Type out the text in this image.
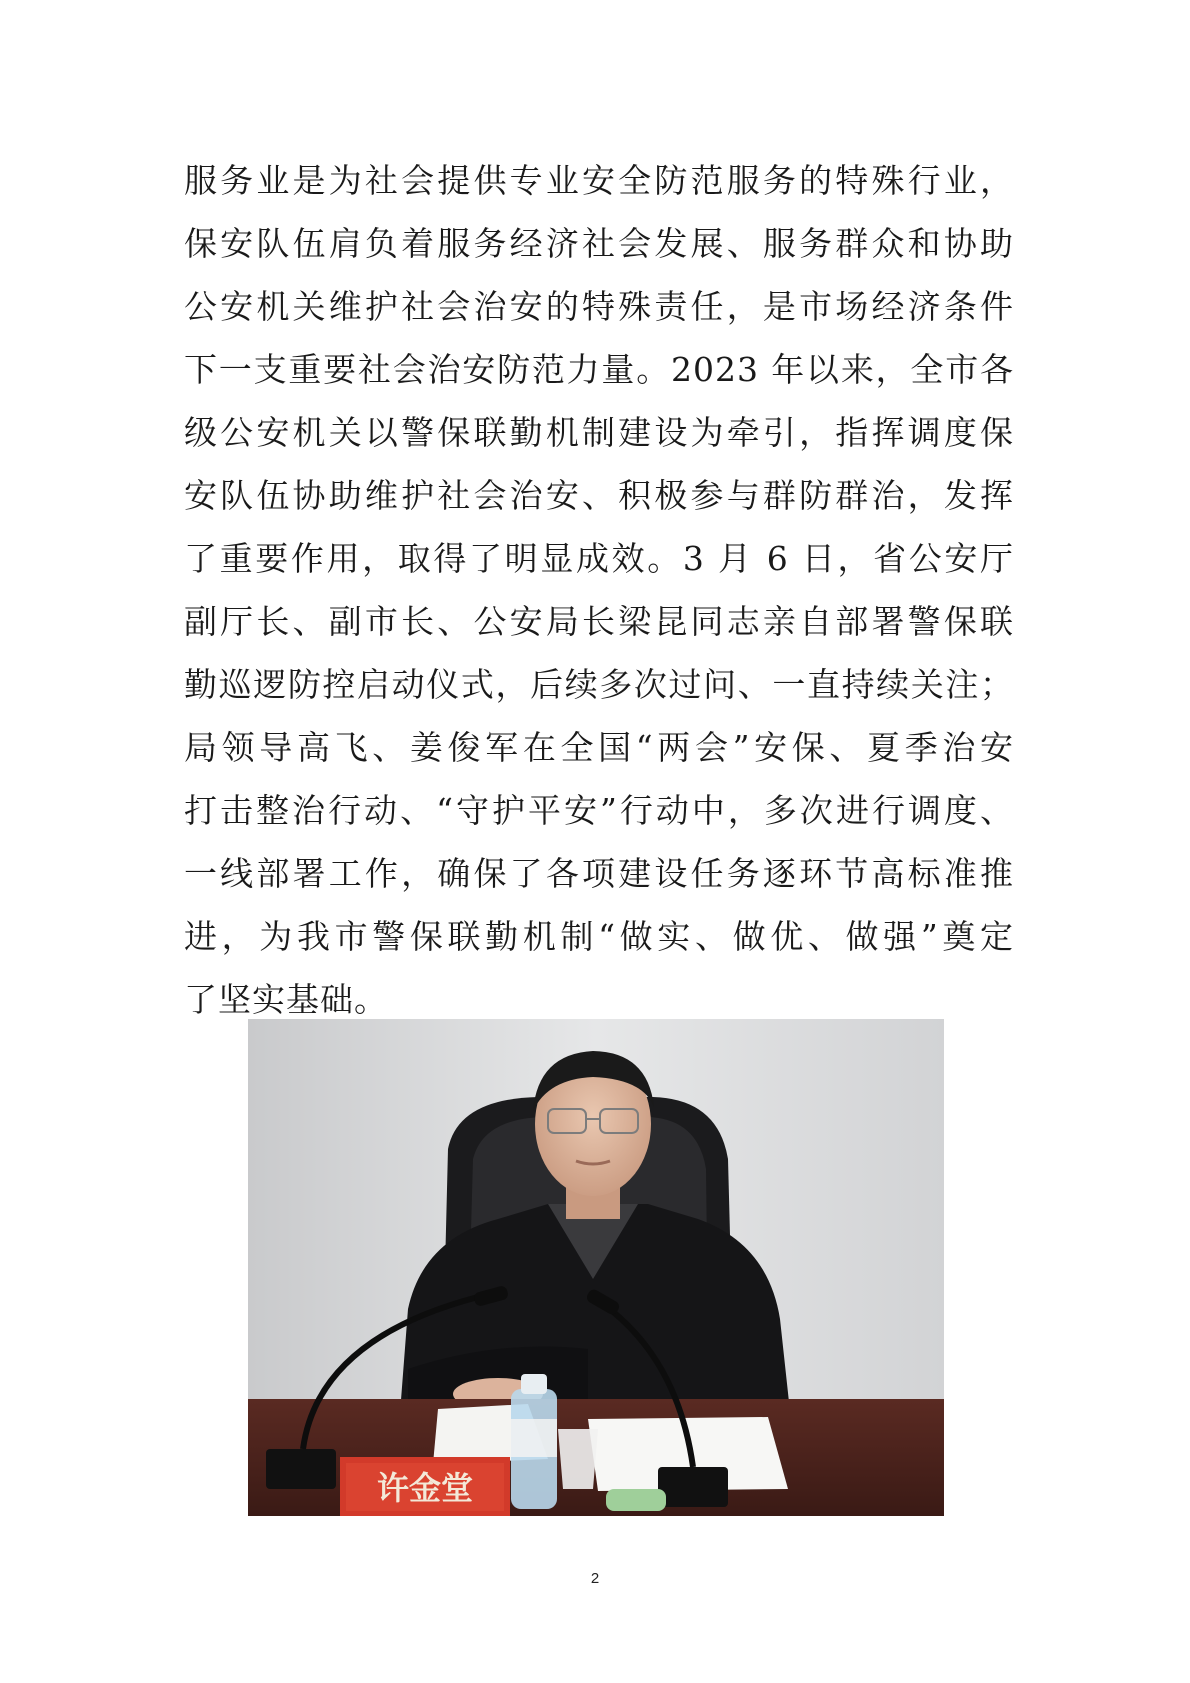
服务业是为社会提供专业安全防范服务的特殊行业，
保安队伍肩负着服务经济社会发展、服务群众和协助
公安机关维护社会治安的特殊责任，是市场经济条件
下一支重要社会治安防范力量。2023 年以来，全市各
级公安机关以警保联勤机制建设为牵引，指挥调度保
安队伍协助维护社会治安、积极参与群防群治，发挥
了重要作用，取得了明显成效。3 月 6 日，省公安厅
副厅长、副市长、公安局长梁昆同志亲自部署警保联
勤巡逻防控启动仪式，后续多次过问、一直持续关注；
局领导高飞、姜俊军在全国“两会”安保、夏季治安
打击整治行动、“守护平安”行动中，多次进行调度、
一线部署工作，确保了各项建设任务逐环节高标准推
进，为我市警保联勤机制“做实、做优、做强”奠定
了坚实基础。
许金堂
2
